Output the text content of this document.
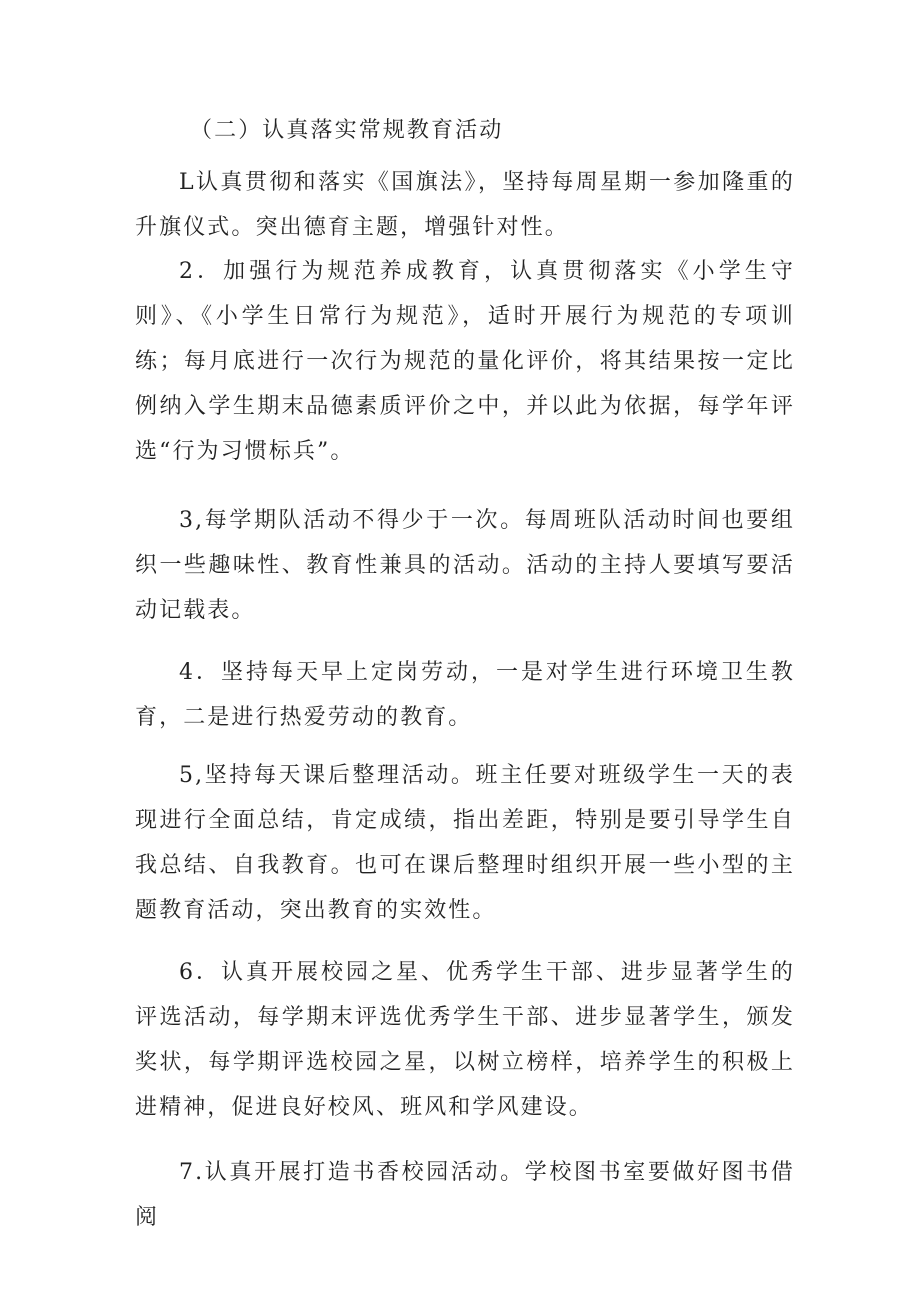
（二）认真落实常规教育活动

L认真贯彻和落实《国旗法》，坚持每周星期一参加隆重的升旗仪式。突出德育主题，增强针对性。

2．加强行为规范养成教育，认真贯彻落实《小学生守则》、《小学生日常行为规范》，适时开展行为规范的专项训练；每月底进行一次行为规范的量化评价，将其结果按一定比例纳入学生期末品德素质评价之中，并以此为依据，每学年评选“行为习惯标兵”。

3,每学期队活动不得少于一次。每周班队活动时间也要组织一些趣味性、教育性兼具的活动。活动的主持人要填写要活动记载表。

4．坚持每天早上定岗劳动，一是对学生进行环境卫生教育，二是进行热爱劳动的教育。

5,坚持每天课后整理活动。班主任要对班级学生一天的表现进行全面总结，肯定成绩，指出差距，特别是要引导学生自我总结、自我教育。也可在课后整理时组织开展一些小型的主题教育活动，突出教育的实效性。

6．认真开展校园之星、优秀学生干部、进步显著学生的评选活动，每学期末评选优秀学生干部、进步显著学生，颁发奖状，每学期评选校园之星，以树立榜样，培养学生的积极上进精神，促进良好校风、班风和学风建设。

7.认真开展打造书香校园活动。学校图书室要做好图书借阅
